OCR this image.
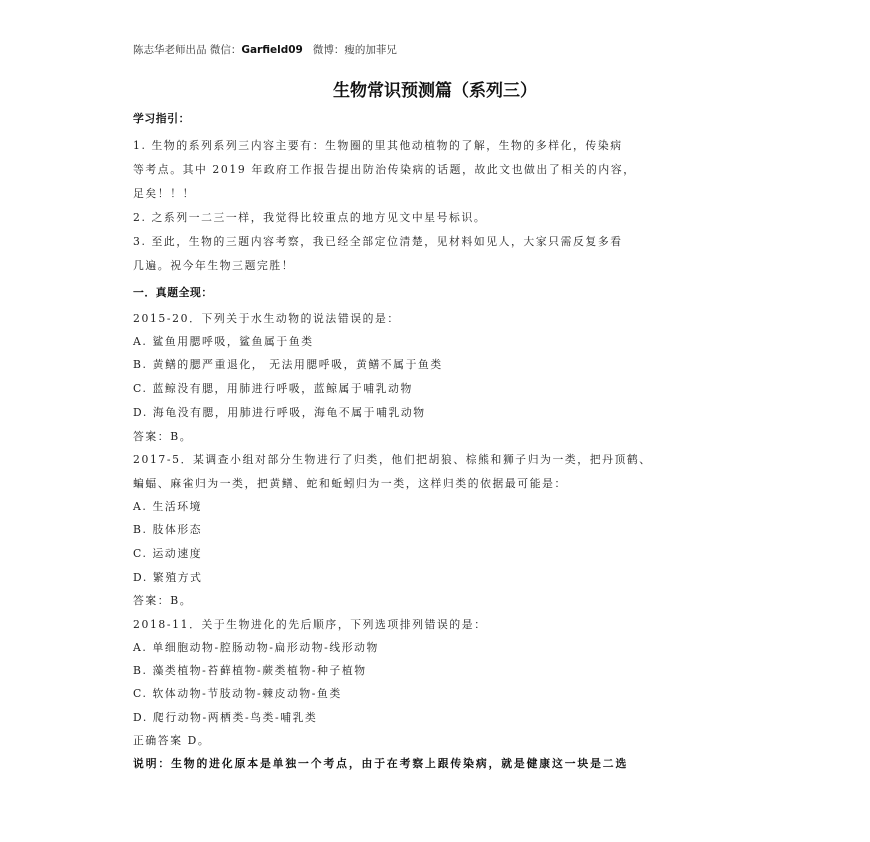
陈志华老师出品 微信：Garfield09 微博：瘦的加菲兄
生物常识预测篇（系列三）
学习指引：
1. 生物的系列系列三内容主要有：生物圈的里其他动植物的了解，生物的多样化，传染病
等考点。其中 2019 年政府工作报告提出防治传染病的话题，故此文也做出了相关的内容，
足矣！！！
2. 之系列一二三一样，我觉得比较重点的地方见文中星号标识。
3. 至此，生物的三题内容考察，我已经全部定位清楚，见材料如见人，大家只需反复多看
几遍。祝今年生物三题完胜！
一．真题全现：
2015-20．下列关于水生动物的说法错误的是：
A. 鲨鱼用腮呼吸，鲨鱼属于鱼类
B. 黄鳝的腮严重退化， 无法用腮呼吸，黄鳝不属于鱼类
C. 蓝鲸没有腮，用肺进行呼吸，蓝鲸属于哺乳动物
D. 海龟没有腮，用肺进行呼吸，海龟不属于哺乳动物
答案：B。
2017-5．某调查小组对部分生物进行了归类，他们把胡狼、棕熊和狮子归为一类，把丹顶鹤、
蝙蝠、麻雀归为一类，把黄鳝、蛇和蚯蚓归为一类，这样归类的依据最可能是：
A. 生活环境
B. 肢体形态
C. 运动速度
D. 繁殖方式
答案：B。
2018-11．关于生物进化的先后顺序，下列选项排列错误的是：
A. 单细胞动物-腔肠动物-扁形动物-线形动物
B. 藻类植物-苔藓植物-蕨类植物-种子植物
C. 软体动物-节肢动物-棘皮动物-鱼类
D. 爬行动物-两栖类-鸟类-哺乳类
正确答案 D。
说明：生物的进化原本是单独一个考点，由于在考察上跟传染病，就是健康这一块是二选
